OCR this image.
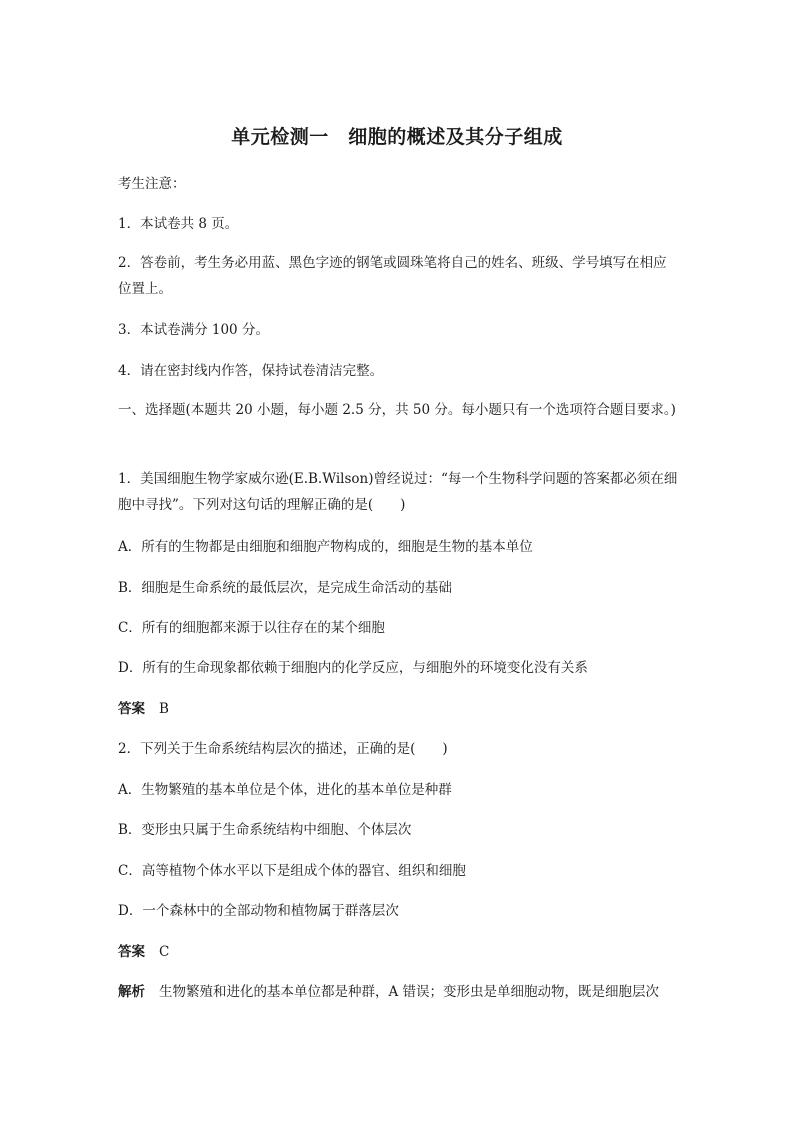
单元检测一　细胞的概述及其分子组成
考生注意：
1．本试卷共 8 页。
2．答卷前，考生务必用蓝、黑色字迹的钢笔或圆珠笔将自己的姓名、班级、学号填写在相应位置上。
3．本试卷满分 100 分。
4．请在密封线内作答，保持试卷清洁完整。
一、选择题(本题共 20 小题，每小题 2.5 分，共 50 分。每小题只有一个选项符合题目要求。)
1．美国细胞生物学家威尔逊(E.B.Wilson)曾经说过：“每一个生物科学问题的答案都必须在细胞中寻找”。下列对这句话的理解正确的是(　　)
A．所有的生物都是由细胞和细胞产物构成的，细胞是生物的基本单位
B．细胞是生命系统的最低层次，是完成生命活动的基础
C．所有的细胞都来源于以往存在的某个细胞
D．所有的生命现象都依赖于细胞内的化学反应，与细胞外的环境变化没有关系
答案 B
2．下列关于生命系统结构层次的描述，正确的是(　　)
A．生物繁殖的基本单位是个体，进化的基本单位是种群
B．变形虫只属于生命系统结构中细胞、个体层次
C．高等植物个体水平以下是组成个体的器官、组织和细胞
D．一个森林中的全部动物和植物属于群落层次
答案 C
解析 生物繁殖和进化的基本单位都是种群，A 错误；变形虫是单细胞动物，既是细胞层次
